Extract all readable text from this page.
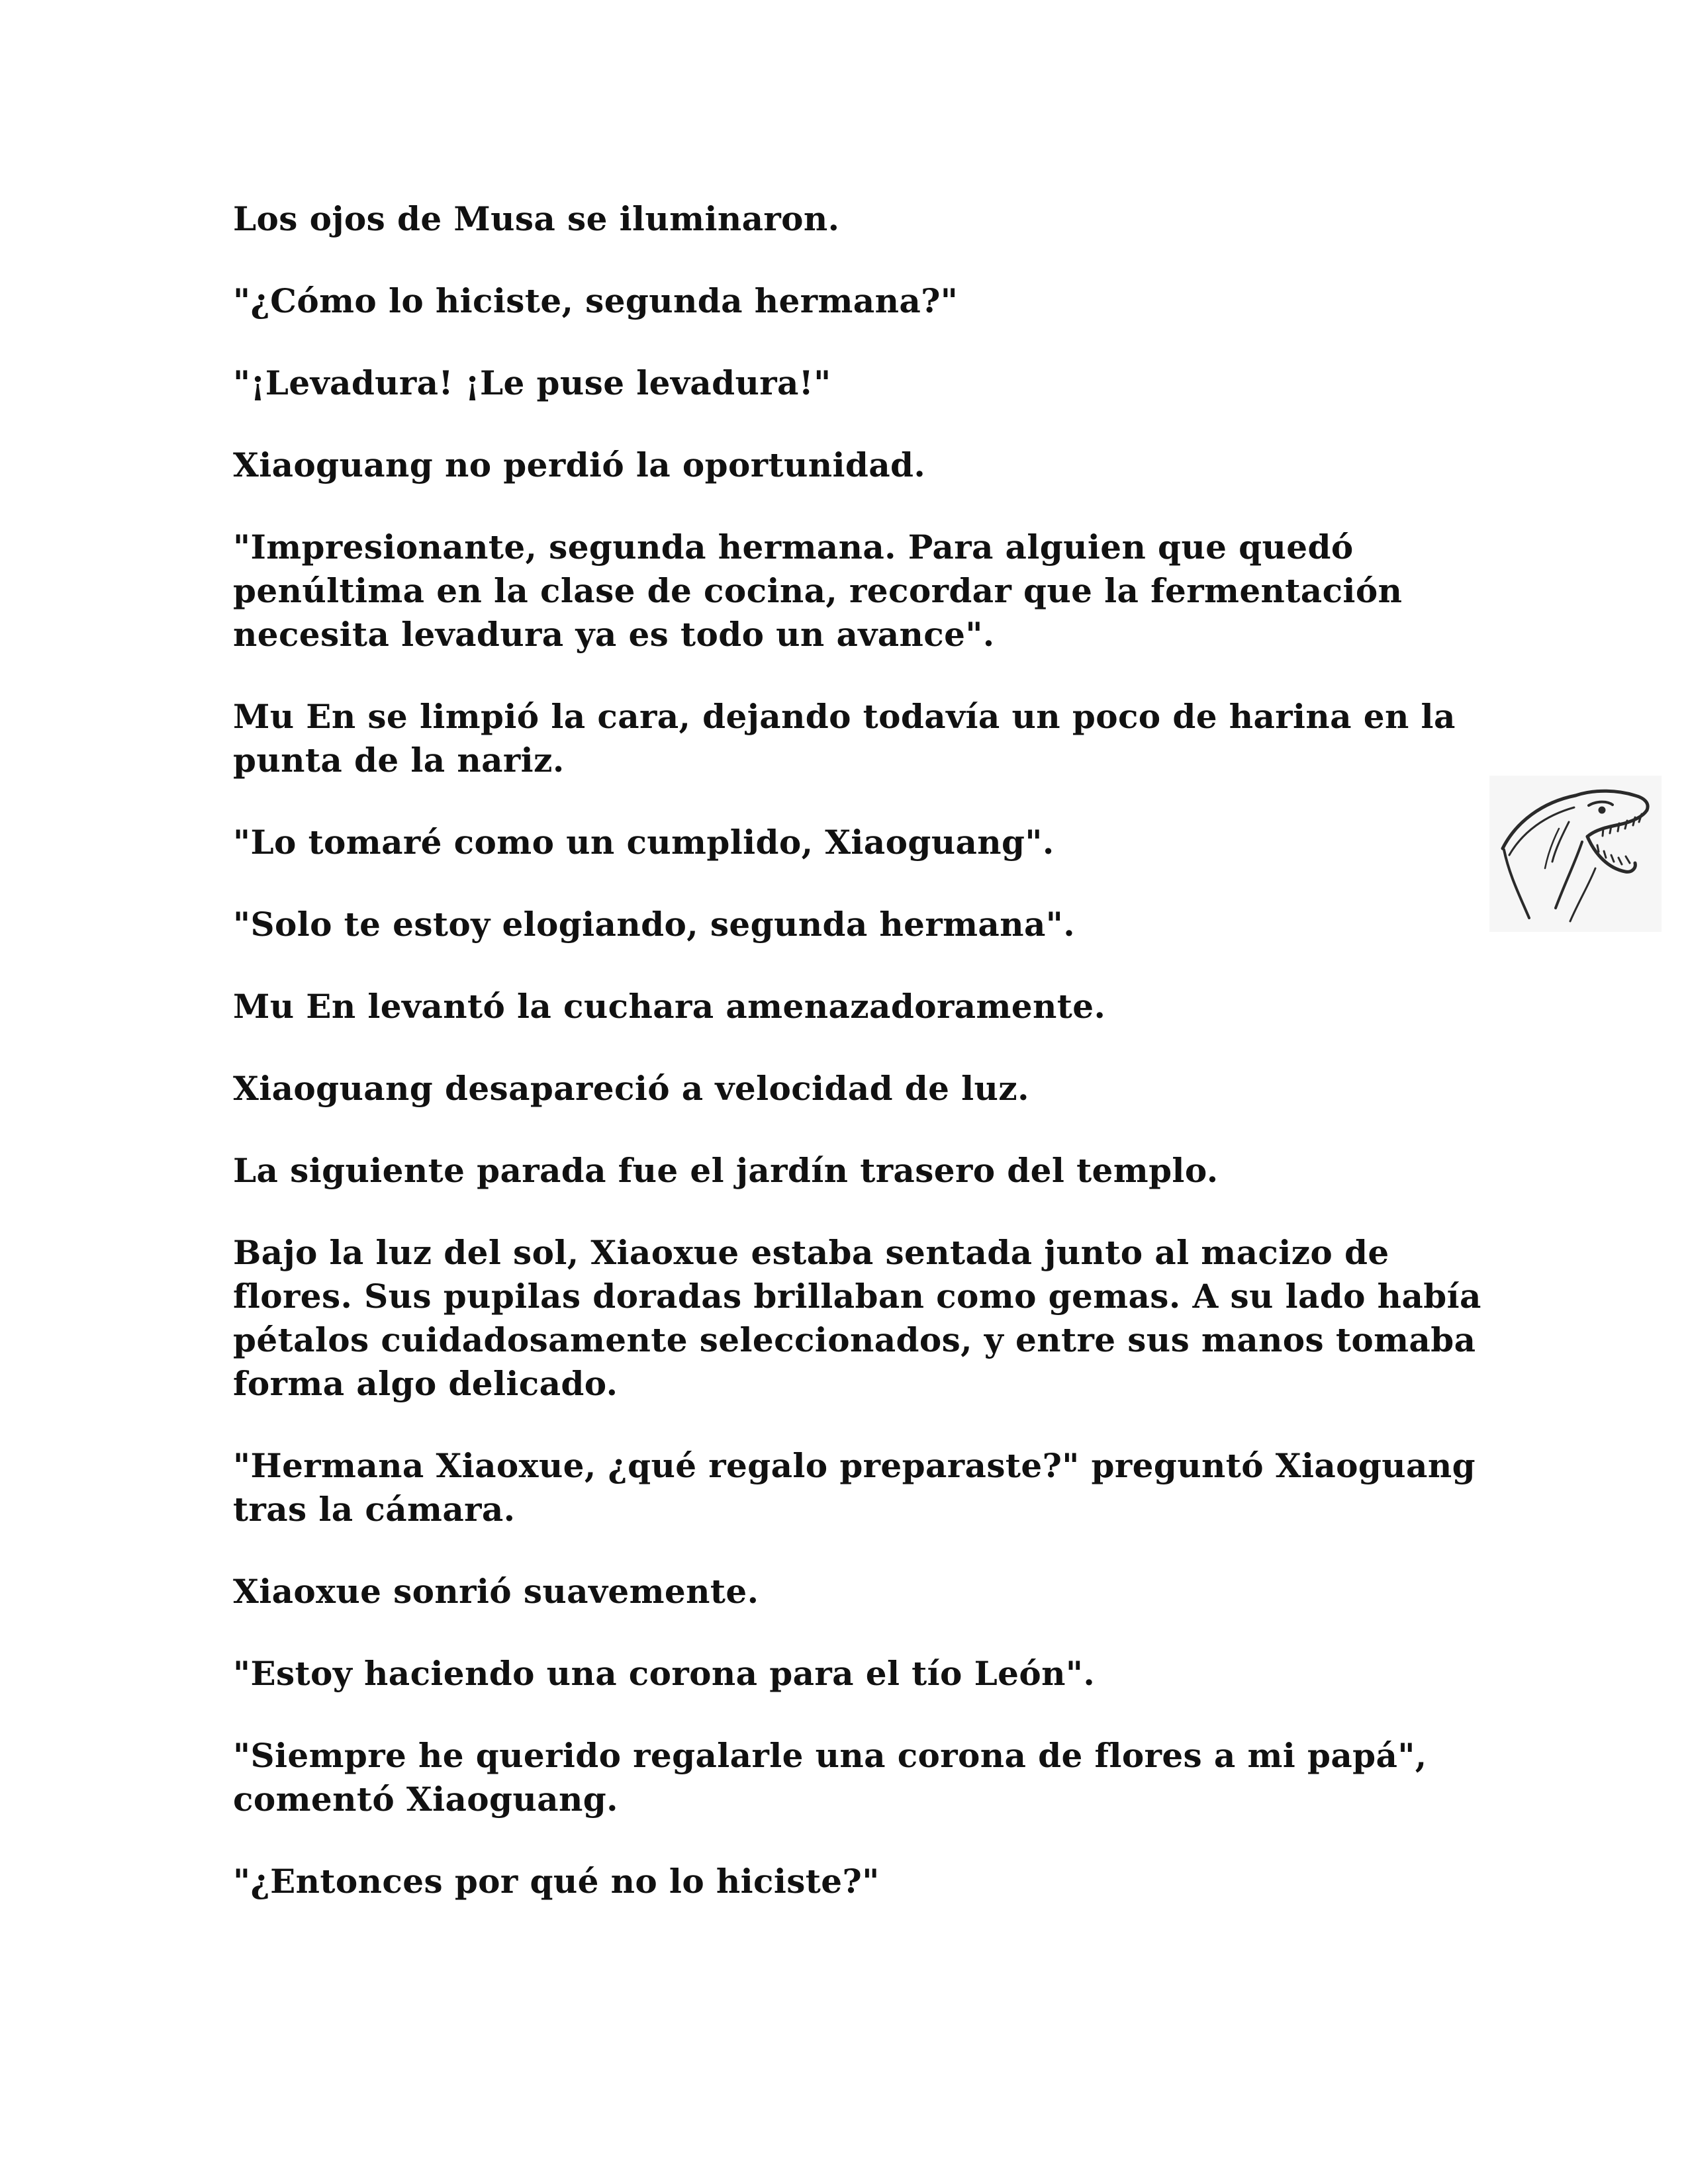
Los ojos de Musa se iluminaron.

"¿Cómo lo hiciste, segunda hermana?"

"¡Levadura! ¡Le puse levadura!"

Xiaoguang no perdió la oportunidad.

"Impresionante, segunda hermana. Para alguien que quedó penúltima en la clase de cocina, recordar que la fermentación necesita levadura ya es todo un avance".

Mu En se limpió la cara, dejando todavía un poco de harina en la punta de la nariz.

"Lo tomaré como un cumplido, Xiaoguang".

"Solo te estoy elogiando, segunda hermana".

Mu En levantó la cuchara amenazadoramente.

Xiaoguang desapareció a velocidad de luz.

La siguiente parada fue el jardín trasero del templo.

Bajo la luz del sol, Xiaoxue estaba sentada junto al macizo de flores. Sus pupilas doradas brillaban como gemas. A su lado había pétalos cuidadosamente seleccionados, y entre sus manos tomaba forma algo delicado.

"Hermana Xiaoxue, ¿qué regalo preparaste?" preguntó Xiaoguang tras la cámara.

Xiaoxue sonrió suavemente.

"Estoy haciendo una corona para el tío León".

"Siempre he querido regalarle una corona de flores a mi papá", comentó Xiaoguang.

"¿Entonces por qué no lo hiciste?"
